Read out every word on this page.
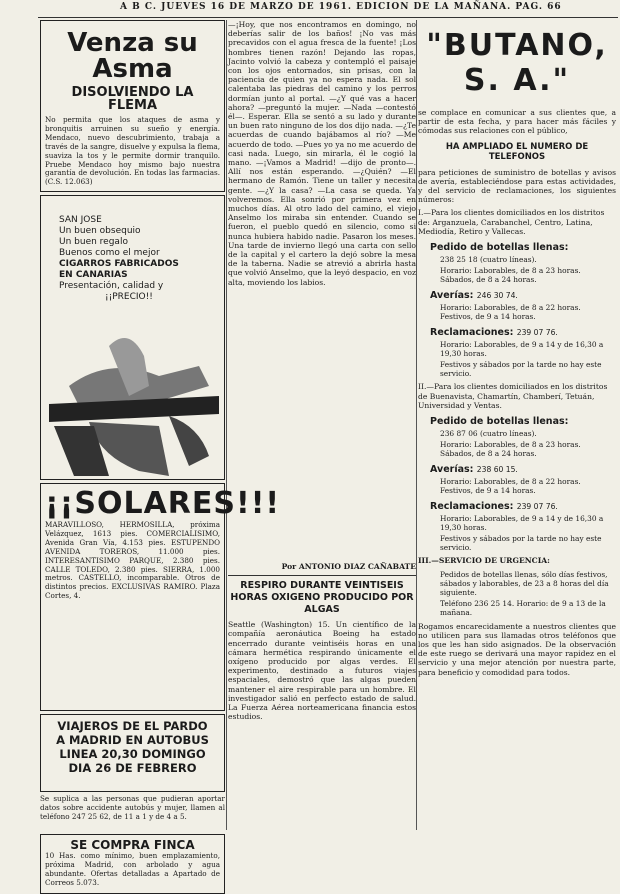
A B C. JUEVES 16 DE MARZO DE 1961. EDICION DE LA MAÑANA. PAG. 66

Venza su Asma

DISOLVIENDO LA FLEMA

No permita que los ataques de asma y bronquitis arruinen su sueño y energía. Mendaco, nuevo descubrimiento, trabaja a través de la sangre, disuelve y expulsa la flema, suaviza la tos y le permite dormir tranquilo. Pruebe Mendaco hoy mismo bajo nuestra garantía de devolución. En todas las farmacias. (C.S. 12.063)

SAN JOSE

Un buen obsequio

Un buen regalo

Buenos como el mejor

CIGARROS FABRICADOS

EN CANARIAS

Presentación, calidad y

¡¡PRECIO!!

¡¡SOLARES!!!

MARAVILLOSO, HERMOSILLA, próxima Velázquez, 1613 pies. COMERCIALISIMO, Avenida Gran Vía, 4.153 pies. ESTUPENDO AVENIDA TOREROS, 11.000 pies. INTERESANTISIMO PARQUE, 2.380 pies. CALLE TOLEDO, 2.380 pies. SIERRA, 1.000 metros. CASTELLO, incomparable. Otros de distintos precios. EXCLUSIVAS RAMIRO. Plaza Cortes, 4.

VIAJEROS DE EL PARDO

A MADRID EN AUTOBUS

LINEA 20,30 DOMINGO

DIA 26 DE FEBRERO

Se suplica a las personas que pudieran aportar datos sobre accidente autobús y mujer, llamen al teléfono 247 25 62, de 11 a 1 y de 4 a 5.

SE COMPRA FINCA

10 Has. como mínimo, buen emplazamiento, próxima Madrid, con arbolado y agua abundante. Ofertas detalladas a Apartado de Correos 5.073.

—¡Hoy, que nos encontramos en domingo, no deberías salir de los baños! ¡No vas más precavidos con el agua fresca de la fuente! ¡Los hombres tienen razón! Dejando las ropas, Jacinto volvió la cabeza y contempló el paisaje con los ojos entornados, sin prisas, con la paciencia de quien ya no espera nada. El sol calentaba las piedras del camino y los perros dormían junto al portal. —¿Y qué vas a hacer ahora? —preguntó la mujer. —Nada —contestó él—. Esperar. Ella se sentó a su lado y durante un buen rato ninguno de los dos dijo nada. —¿Te acuerdas de cuando bajábamos al río? —Me acuerdo de todo. —Pues yo ya no me acuerdo de casi nada. Luego, sin mirarla, él le cogió la mano. —¡Vamos a Madrid! —dijo de pronto—. Allí nos están esperando. —¿Quién? —El hermano de Ramón. Tiene un taller y necesita gente. —¿Y la casa? —La casa se queda. Ya volveremos. Ella sonrió por primera vez en muchos días. Al otro lado del camino, el viejo Anselmo los miraba sin entender. Cuando se fueron, el pueblo quedó en silencio, como si nunca hubiera habido nadie. Pasaron los meses. Una tarde de invierno llegó una carta con sello de la capital y el cartero la dejó sobre la mesa de la taberna. Nadie se atrevió a abrirla hasta que volvió Anselmo, que la leyó despacio, en voz alta, moviendo los labios.

Por ANTONIO DIAZ CAÑABATE

RESPIRO DURANTE VEINTISEIS HORAS OXIGENO PRODUCIDO POR ALGAS

Seattle (Washington) 15. Un científico de la compañía aeronáutica Boeing ha estado encerrado durante veintiséis horas en una cámara hermética respirando únicamente el oxígeno producido por algas verdes. El experimento, destinado a futuros viajes espaciales, demostró que las algas pueden mantener el aire respirable para un hombre. El investigador salió en perfecto estado de salud. La Fuerza Aérea norteamericana financia estos estudios.

"BUTANO, S. A."

se complace en comunicar a sus clientes que, a partir de esta fecha, y para hacer más fáciles y cómodas sus relaciones con el público,

HA AMPLIADO EL NUMERO DE TELEFONOS

para peticiones de suministro de botellas y avisos de avería, estableciéndose para estas actividades, y del servicio de reclamaciones, los siguientes números:

I.—Para los clientes domiciliados en los distritos de: Arganzuela, Carabanchel, Centro, Latina, Mediodía, Retiro y Vallecas.

Pedido de botellas llenas:

238 25 18 (cuatro líneas).

Horario: Laborables, de 8 a 23 horas. Sábados, de 8 a 24 horas.

Averías: 246 30 74.

Horario: Laborables, de 8 a 22 horas. Festivos, de 9 a 14 horas.

Reclamaciones: 239 07 76.

Horario: Laborables, de 9 a 14 y de 16,30 a 19,30 horas.

Festivos y sábados por la tarde no hay este servicio.

II.—Para los clientes domiciliados en los distritos de Buenavista, Chamartín, Chamberí, Tetuán, Universidad y Ventas.

Pedido de botellas llenas:

236 87 06 (cuatro líneas).

Horario: Laborables, de 8 a 23 horas. Sábados, de 8 a 24 horas.

Averías: 238 60 15.

Horario: Laborables, de 8 a 22 horas. Festivos, de 9 a 14 horas.

Reclamaciones: 239 07 76.

Horario: Laborables, de 9 a 14 y de 16,30 a 19,30 horas.

Festivos y sábados por la tarde no hay este servicio.

III.—SERVICIO DE URGENCIA:

Pedidos de botellas llenas, sólo días festivos, sábados y laborables, de 23 a 8 horas del día siguiente.

Teléfono 236 25 14. Horario: de 9 a 13 de la mañana.

Rogamos encarecidamente a nuestros clientes que no utilicen para sus llamadas otros teléfonos que los que les han sido asignados. De la observación de este ruego se derivará una mayor rapidez en el servicio y una mejor atención por nuestra parte, para beneficio y comodidad para todos.
